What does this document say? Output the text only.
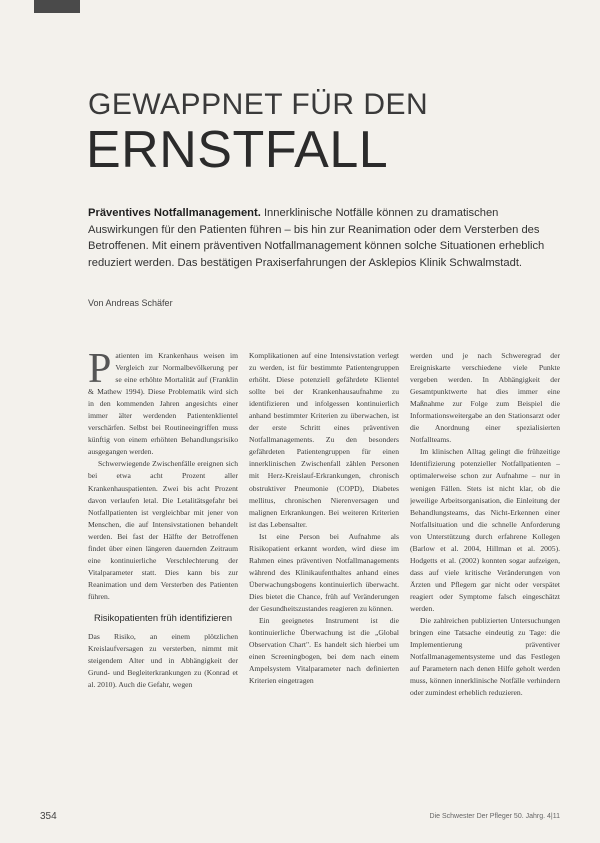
GEWAPPNET FÜR DEN
ERNSTFALL
Präventives Notfallmanagement. Innerklinische Notfälle können zu dramatischen Auswirkungen für den Patienten führen – bis hin zur Reanimation oder dem Versterben des Betroffenen. Mit einem präventiven Notfallmanagement können solche Situationen erheblich reduziert werden. Das bestätigen Praxiserfahrungen der Asklepios Klinik Schwalmstadt.
Von Andreas Schäfer

Patienten im Krankenhaus weisen im Vergleich zur Normalbevölkerung per se eine erhöhte Mortalität auf (Franklin & Mathew 1994). Diese Problematik wird sich in den kommenden Jahren angesichts einer immer älter werdenden Patientenklientel verschärfen. Selbst bei Routineeingriffen muss künftig von einem erhöhten Behandlungsrisiko ausgegangen werden.

Schwerwiegende Zwischenfälle ereignen sich bei etwa acht Prozent aller Krankenhauspatienten. Zwei bis acht Prozent davon verlaufen letal. Die Letalitätsgefahr bei Notfallpatienten ist vergleichbar mit jener von Menschen, die auf Intensivstationen behandelt werden. Bei fast der Hälfte der Betroffenen findet über einen längeren dauernden Zeitraum eine kontinuierliche Verschlechterung der Vitalparameter statt. Dies kann bis zur Reanimation und dem Versterben des Patienten führen.

Risikopatienten früh identifizieren

Das Risiko, an einem plötzlichen Kreislaufversagen zu versterben, nimmt mit steigendem Alter und in Abhängigkeit der Grund- und Begleiterkrankungen zu (Konrad et al. 2010). Auch die Gefahr, wegen

Komplikationen auf eine Intensivstation verlegt zu werden, ist für bestimmte Patientengruppen erhöht. Diese potenziell gefährdete Klientel sollte bei der Krankenhausaufnahme zu identifizieren und infolgessen kontinuierlich anhand bestimmter Kriterien zu überwachen, ist der erste Schritt eines präventiven Notfallmanagements. Zu den besonders gefährdeten Patientengruppen für einen innerklinischen Zwischenfall zählen Personen mit Herz-Kreislauf-Erkrankungen, chronisch obstruktiver Pneumonie (COPD), Diabetes mellitus, chronischen Nierenversagen und malignen Erkrankungen. Bei weiteren Kriterien ist das Lebensalter.

Ist eine Person bei Aufnahme als Risikopatient erkannt worden, wird diese im Rahmen eines präventiven Notfallmanagements während des Klinikaufenthaltes anhand eines Überwachungsbogens kontinuierlich überwacht. Dies bietet die Chance, früh auf Veränderungen der Gesundheitszustandes reagieren zu können.

Ein geeignetes Instrument ist die kontinuierliche Überwachung ist die „Global Observation Chart". Es handelt sich hierbei um einen Screeningbogen, bei dem nach einem Ampelsystem Vitalparameter nach definierten Kriterien eingetragen

werden und je nach Schweregrad der Ereigniskarte verschiedene viele Punkte vergeben werden. In Abhängigkeit der Gesamtpunktwerte hat dies immer eine Maßnahme zur Folge zum Beispiel die Informationsweitergabe an den Stationsarzt oder die Anordnung einer spezialisierten Notfallteams.

Im klinischen Alltag gelingt die frühzeitige Identifizierung potenzieller Notfallpatienten – optimalerweise schon zur Aufnahme – nur in wenigen Fällen. Stets ist nicht klar, ob die jeweilige Arbeitsorganisation, die Einleitung der Behandlungsteams, das Nicht-Erkennen einer Notfallsituation und die schnelle Anforderung von Unterstützung durch erfahrene Kollegen (Barlow et al. 2004, Hillman et al. 2005). Hodgetts et al. (2002) konnten sogar aufzeigen, dass auf viele kritische Veränderungen von Ärzten und Pflegern gar nicht oder verspätet reagiert oder Symptome falsch eingeschätzt werden.

Die zahlreichen publizierten Untersuchungen bringen eine Tatsache eindeutig zu Tage: die Implementierung präventiver Notfallmanagementsysteme und das Festlegen auf Parametern nach denen Hilfe geholt werden muss, können innerklinische Notfälle verhindern oder zumindest erheblich reduzieren.

354	Die Schwester Der Pfleger 50. Jahrg. 4|11
